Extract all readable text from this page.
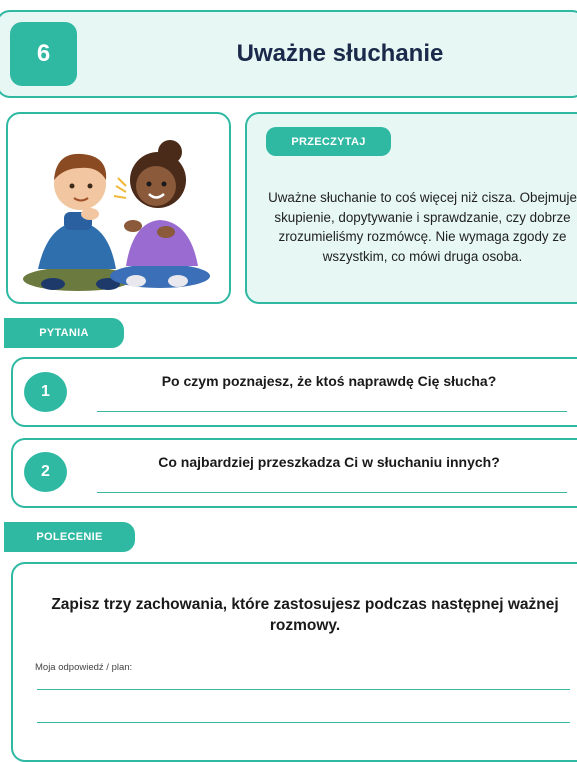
6	Uważne słuchanie
PRZECZYTAJ
Uważne słuchanie to coś więcej niż cisza. Obejmuje skupienie, dopytywanie i sprawdzanie, czy dobrze zrozumieliśmy rozmówcę. Nie wymaga zgody ze wszystkim, co mówi druga osoba.
PYTANIA
1
Po czym poznajesz, że ktoś naprawdę Cię słucha?
2
Co najbardziej przeszkadza Ci w słuchaniu innych?
POLECENIE
Zapisz trzy zachowania, które zastosujesz podczas następnej ważnej rozmowy.
Moja odpowiedź / plan:
